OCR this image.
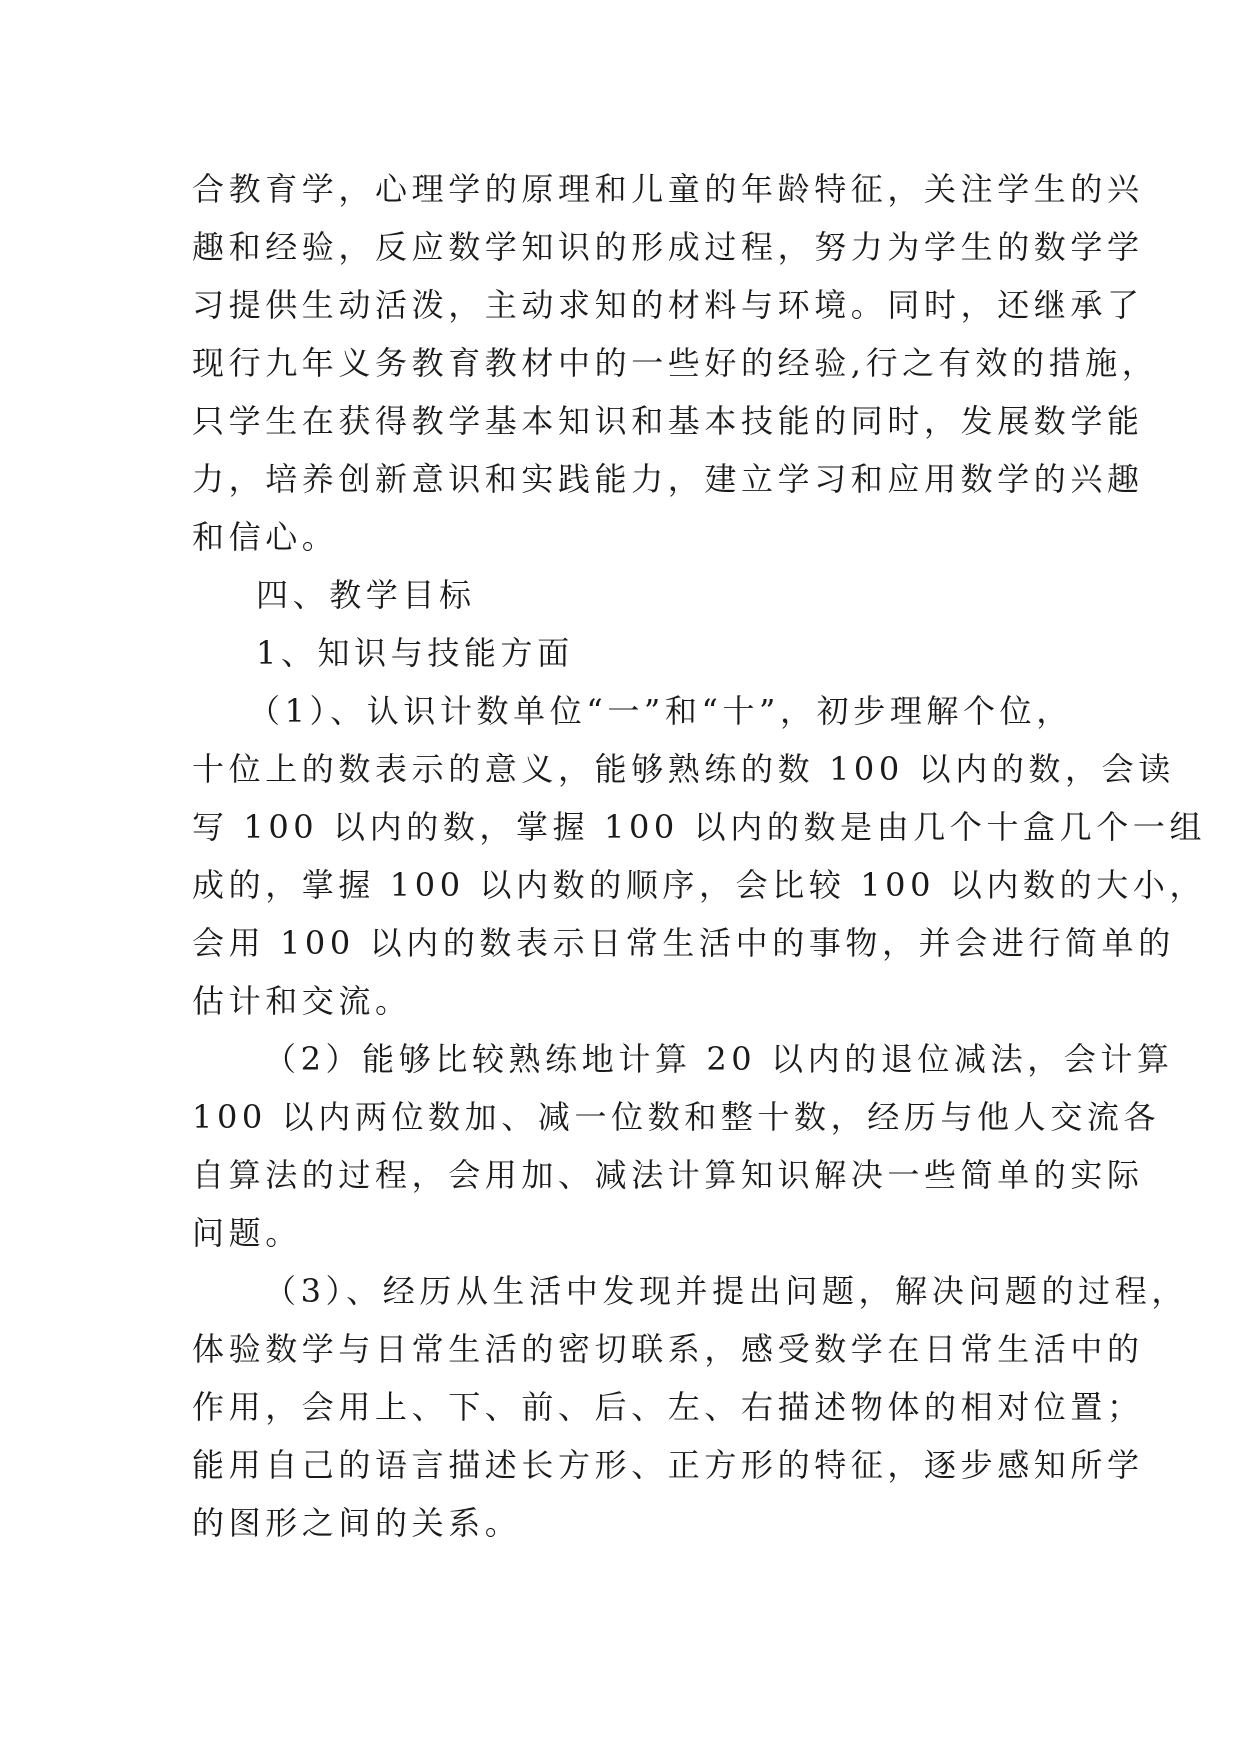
合教育学，心理学的原理和儿童的年龄特征，关注学生的兴

趣和经验，反应数学知识的形成过程，努力为学生的数学学

习提供生动活泼，主动求知的材料与环境。同时，还继承了

现行九年义务教育教材中的一些好的经验,行之有效的措施，

只学生在获得教学基本知识和基本技能的同时，发展数学能

力，培养创新意识和实践能力，建立学习和应用数学的兴趣

和信心。

四、教学目标

1、知识与技能方面

（1）、认识计数单位“一”和“十”，初步理解个位，

十位上的数表示的意义，能够熟练的数 100 以内的数，会读

写 100 以内的数，掌握 100 以内的数是由几个十盒几个一组

成的，掌握 100 以内数的顺序，会比较 100 以内数的大小，

会用 100 以内的数表示日常生活中的事物，并会进行简单的

估计和交流。

（2）能够比较熟练地计算 20 以内的退位减法，会计算

100 以内两位数加、减一位数和整十数，经历与他人交流各

自算法的过程，会用加、减法计算知识解决一些简单的实际

问题。

（3）、经历从生活中发现并提出问题，解决问题的过程，

体验数学与日常生活的密切联系，感受数学在日常生活中的

作用，会用上、下、前、后、左、右描述物体的相对位置；

能用自己的语言描述长方形、正方形的特征，逐步感知所学

的图形之间的关系。
